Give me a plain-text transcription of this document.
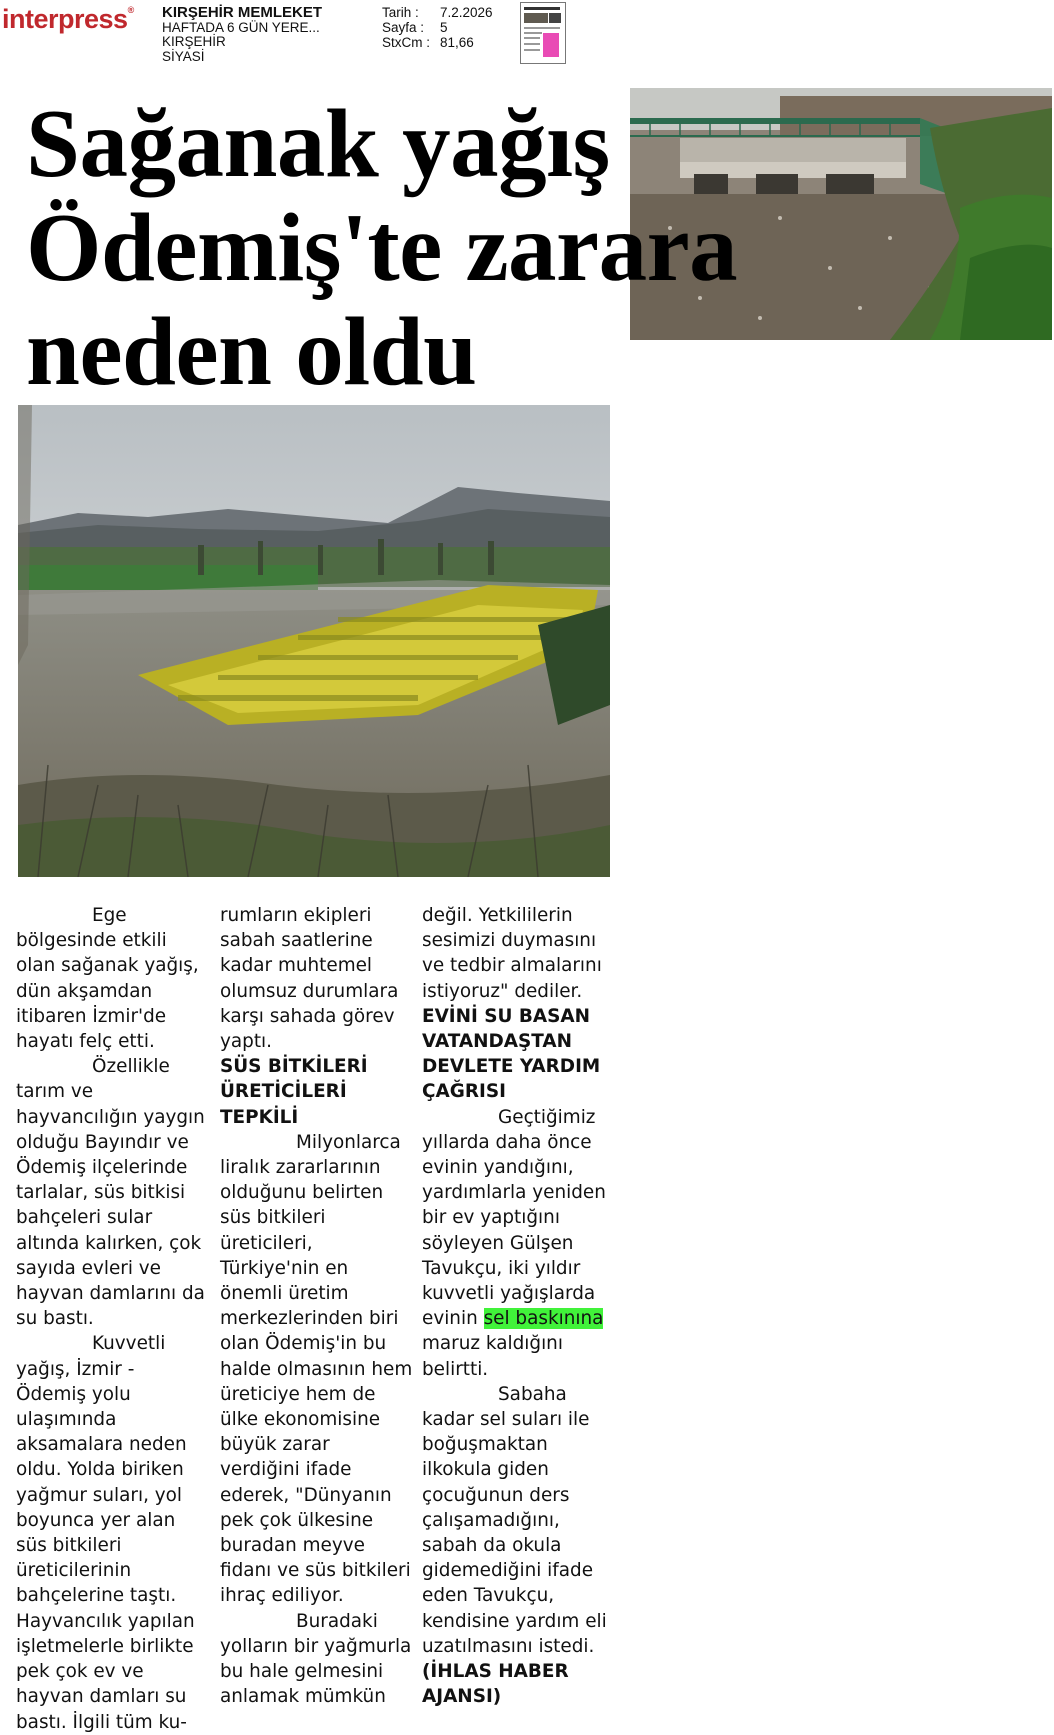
interpress® KIRŞEHİR MEMLEKET
HAFTADA 6 GÜN YERE...
KIRŞEHİR
SİYASİ
Tarih :	7.2.2026
Sayfa :	5
StxCm : 81,66
Sağanak yağış
Ödemiş'te zarara
neden oldu

Ege bölgesinde etkili olan sağanak yağış, dün akşamdan itibaren İzmir'de hayatı felç etti.

Özellikle tarım ve hayvancılığın yaygın olduğu Bayındır ve Ödemiş ilçelerinde tarlalar, süs bitkisi bahçeleri sular altında kalırken, çok sayıda evleri ve hayvan damlarını da su bastı.

Kuvvetli yağış, İzmir - Ödemiş yolu ulaşımında aksamalara neden oldu. Yolda biriken yağmur suları, yol boyunca yer alan süs bitkileri üreticilerinin bahçelerine taştı. Hayvancılık yapılan işletmelerle birlikte pek çok ev ve hayvan damları su bastı. İlgili tüm ku-

rumların ekipleri sabah saatlerine kadar muhtemel olumsuz durumlara karşı sahada görev yaptı.

SÜS BİTKİLERİ ÜRETİCİLERİ TEPKİLİ

Milyonlarca liralık zararlarının olduğunu belirten süs bitkileri üreticileri, Türkiye'nin en önemli üretim merkezlerinden biri olan Ödemiş'in bu halde olmasının hem üreticiye hem de ülke ekonomisine büyük zarar verdiğini ifade ederek, "Dünyanın pek çok ülkesine buradan meyve fidanı ve süs bitkileri ihraç ediliyor.

Buradaki yolların bir yağmurla bu hale gelmesini anlamak mümkün

değil. Yetkililerin sesimizi duymasını ve tedbir almalarını istiyoruz" dediler.

EVİNİ SU BASAN VATANDAŞTAN DEVLETE YARDIM ÇAĞRISI

Geçtiğimiz yıllarda daha önce evinin yandığını, yardımlarla yeniden bir ev yaptığını söyleyen Gülşen Tavukçu, iki yıldır kuvvetli yağışlarda evinin sel baskınına maruz kaldığını belirtti.

Sabaha kadar sel suları ile boğuşmaktan ilkokula giden çocuğunun ders çalışamadığını, sabah da okula gidemediğini ifade eden Tavukçu, kendisine yardım eli uzatılmasını istedi.

(İHLAS HABER AJANSI)
